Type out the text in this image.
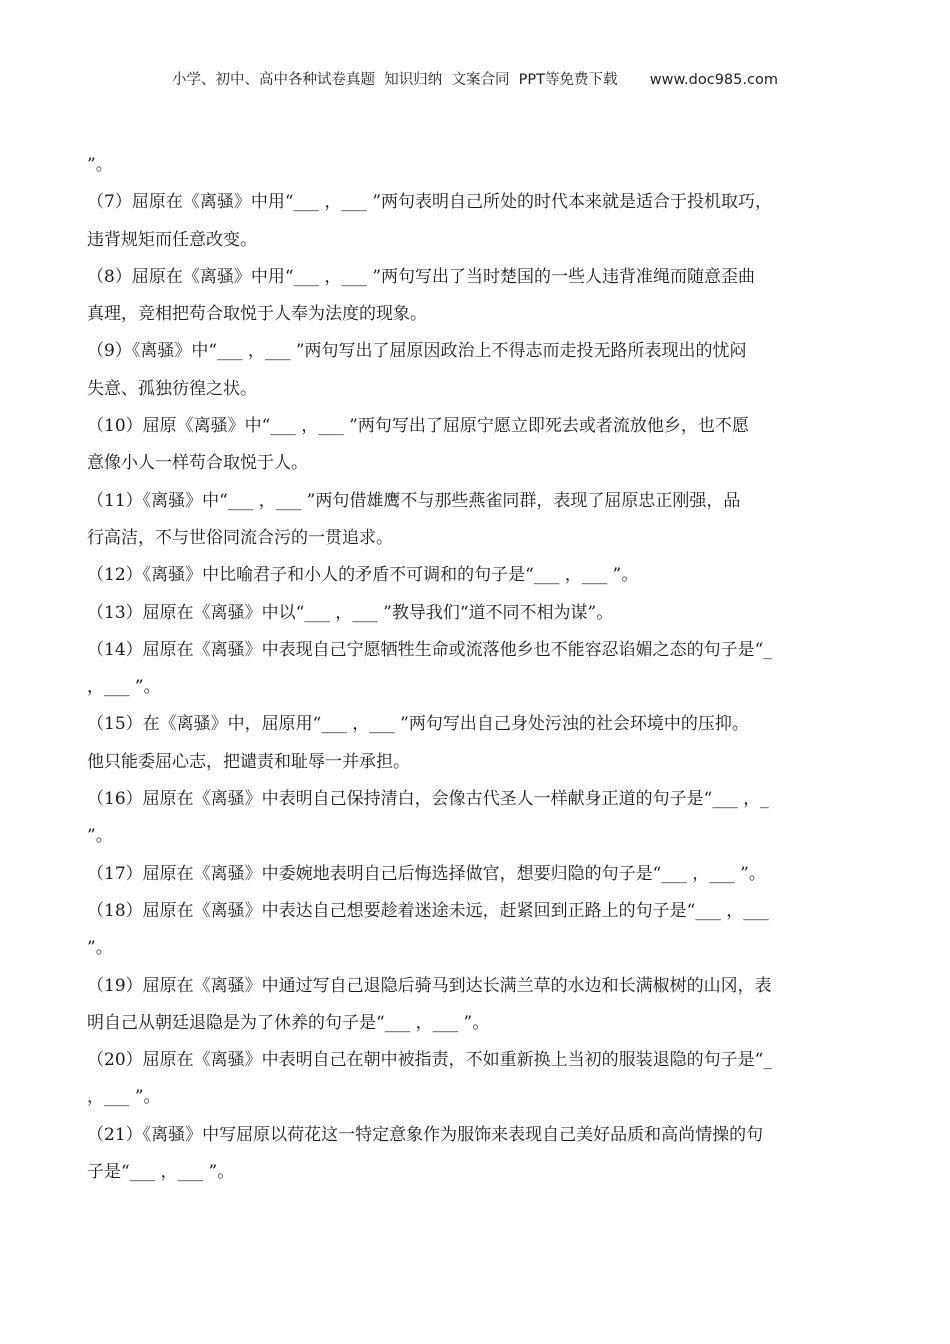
小学、初中、高中各种试卷真题  知识归纳  文案合同  PPT等免费下载       www.doc985.com
”。
（7）屈原在《离骚》中用“___ ，___ ”两句表明自己所处的时代本来就是适合于投机取巧，
违背规矩而任意改变。
（8）屈原在《离骚》中用“___ ，___ ”两句写出了当时楚国的一些人违背准绳而随意歪曲
真理，竞相把苟合取悦于人奉为法度的现象。
（9）《离骚》中“___ ，___ ”两句写出了屈原因政治上不得志而走投无路所表现出的忧闷
失意、孤独彷徨之状。
（10）屈原《离骚》中“___ ，___ ”两句写出了屈原宁愿立即死去或者流放他乡，也不愿
意像小人一样苟合取悦于人。
（11）《离骚》中“___ ，___ ”两句借雄鹰不与那些燕雀同群，表现了屈原忠正刚强，品
行高洁，不与世俗同流合污的一贯追求。
（12）《离骚》中比喻君子和小人的矛盾不可调和的句子是“___ ，___ ”。
（13）屈原在《离骚》中以“___ ，___ ”教导我们“道不同不相为谋”。
（14）屈原在《离骚》中表现自己宁愿牺牲生命或流落他乡也不能容忍谄媚之态的句子是“_
，___ ”。
（15）在《离骚》中，屈原用“___ ，___ ”两句写出自己身处污浊的社会环境中的压抑。
他只能委屈心志，把谴责和耻辱一并承担。
（16）屈原在《离骚》中表明自己保持清白，会像古代圣人一样献身正道的句子是“___ ，_
”。
（17）屈原在《离骚》中委婉地表明自己后悔选择做官，想要归隐的句子是“___ ，___ ”。
（18）屈原在《离骚》中表达自己想要趁着迷途未远，赶紧回到正路上的句子是“___ ，___
”。
（19）屈原在《离骚》中通过写自己退隐后骑马到达长满兰草的水边和长满椒树的山冈，表
明自己从朝廷退隐是为了休养的句子是“___ ，___ ”。
（20）屈原在《离骚》中表明自己在朝中被指责，不如重新换上当初的服装退隐的句子是“_
，___ ”。
（21）《离骚》中写屈原以荷花这一特定意象作为服饰来表现自己美好品质和高尚情操的句
子是“___ ，___ ”。
